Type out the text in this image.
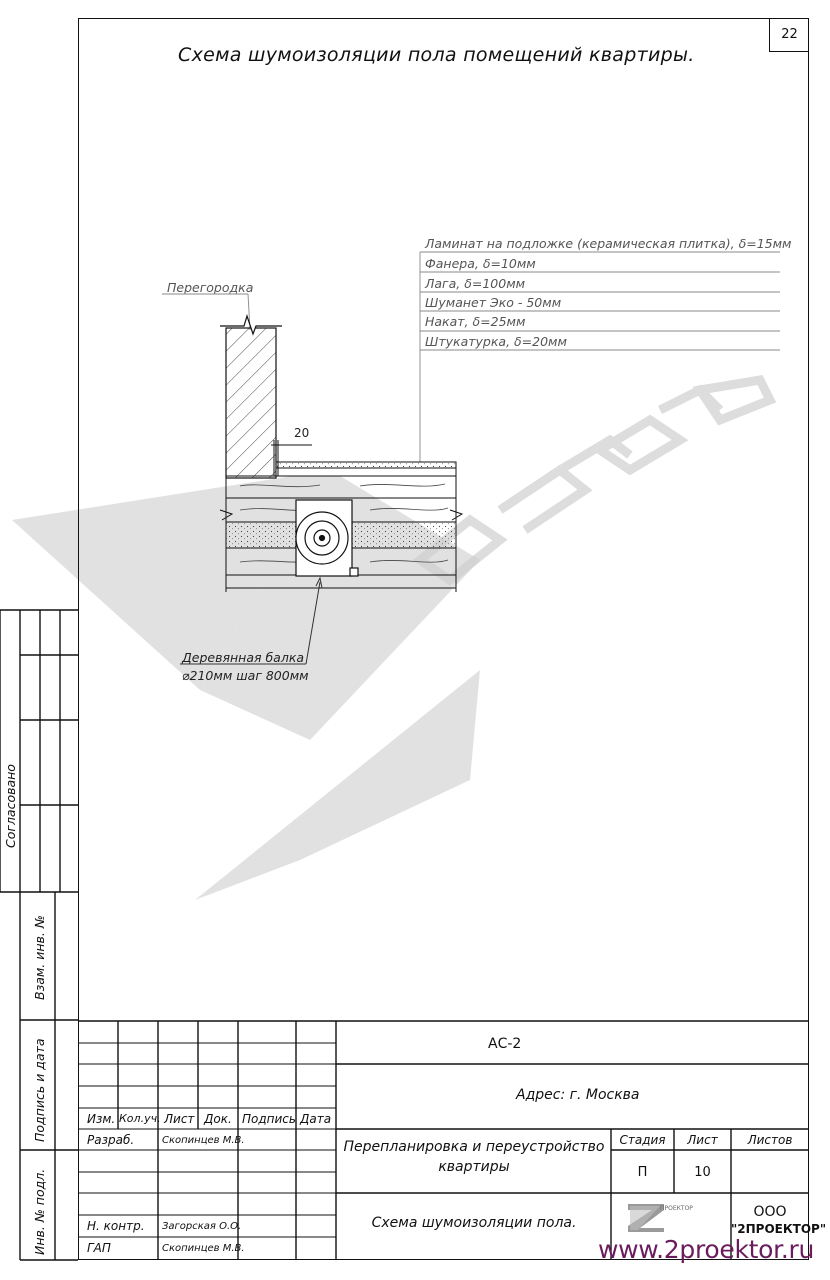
22
Схема шумоизоляции пола помещений квартиры.
Ламинат на подложке (керамическая плитка), δ=15мм
Фанера, δ=10мм
Лага, δ=100мм
Шуманет Эко - 50мм
Накат, δ=25мм
Штукатурка, δ=20мм
Перегородка
20
Деревянная балка
⌀210мм шаг 800мм
Согласовано
Взам. инв. №
Подпись и дата
Инв. № подл.
АС-2
Адрес: г. Москва
Изм. Кол.уч. Лист Док. Подпись Дата
Разраб.	Скопинцев М.В.
Н. контр. Загорская О.О.
ГАП	Скопинцев М.В.
Перепланировка и переустройство квартиры
Схема шумоизоляции пола.
Стадия	Лист	Листов
П	10
ПРОЕКТОР	ООО
"2ПРОЕКТОР"
www.2proektor.ru
